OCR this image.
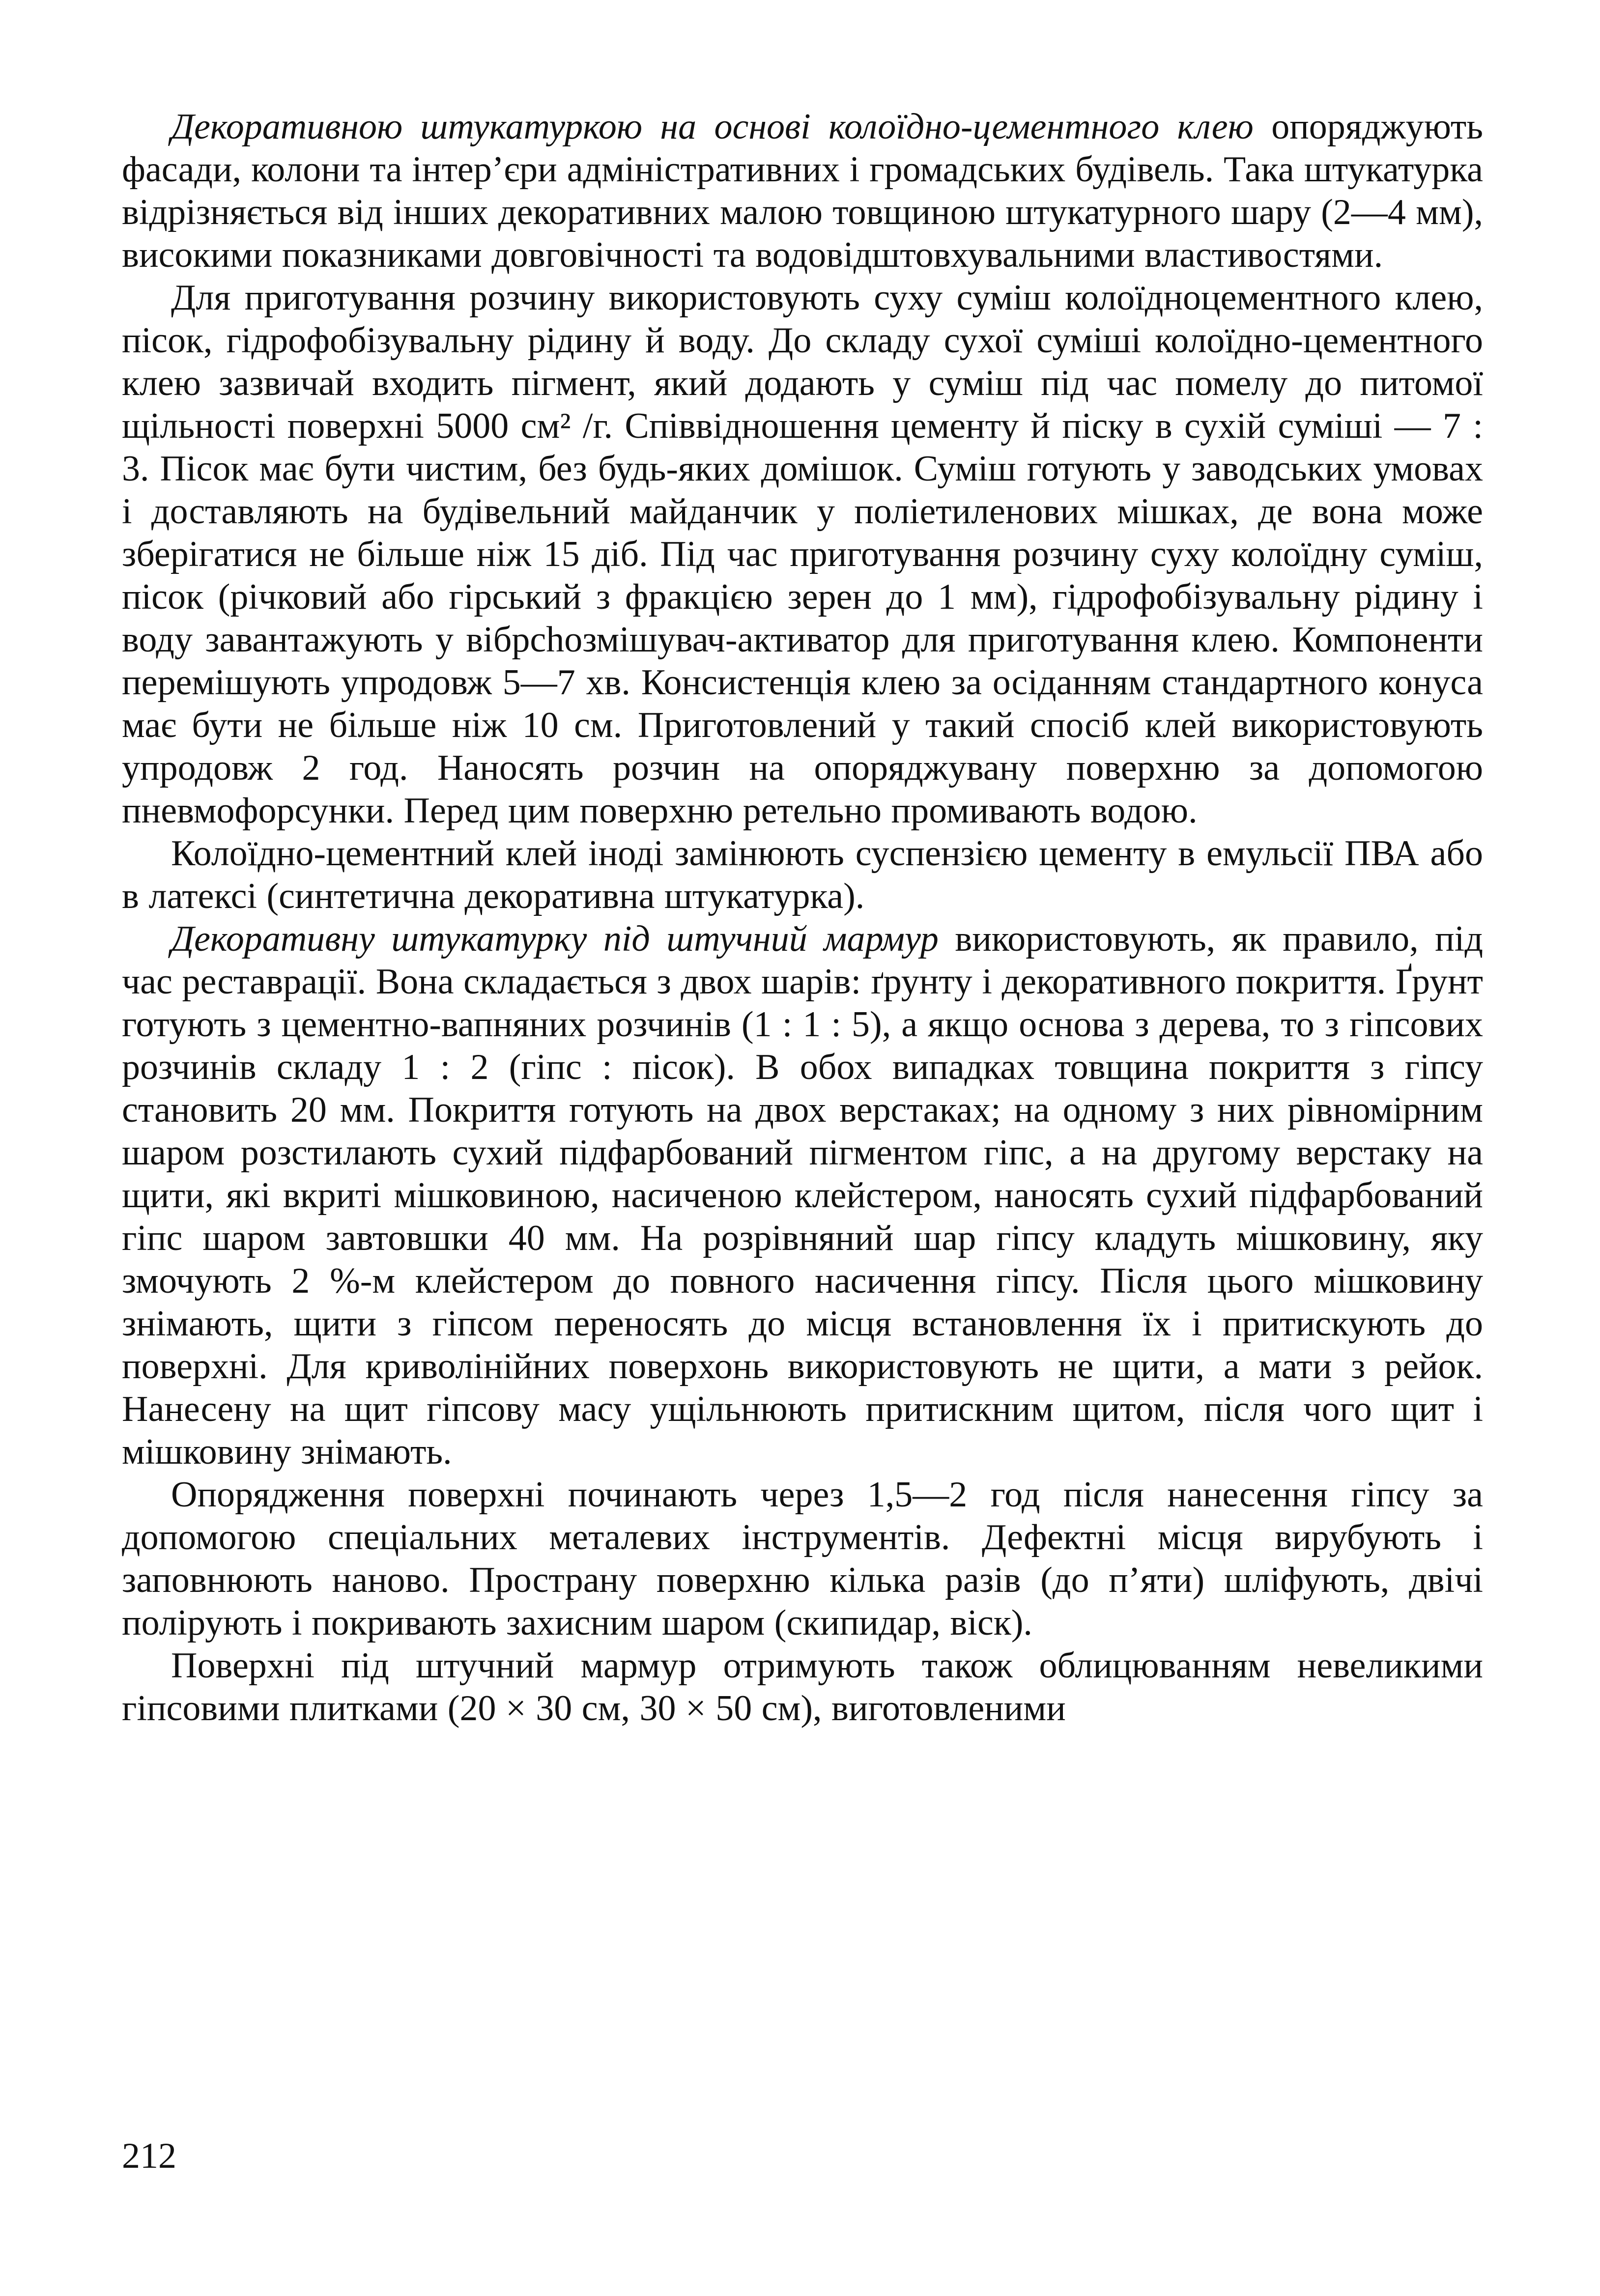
Декоративною штукатуркою на основі колоїдно-цементного клею опоряджують фасади, колони та інтер’єри адміністративних і громадських будівель. Така штукатурка відрізняється від інших декоративних малою товщиною штукатурного шару (2—4 мм), високими показниками довговічності та водовідштовхувальними властивостями.

Для приготування розчину використовують суху суміш колоїдноцементного клею, пісок, гідрофобізувальну рідину й воду. До складу сухої суміші колоїдно-цементного клею зазвичай входить пігмент, який додають у суміш під час помелу до питомої щільності поверхні 5000 см² /г. Співвідношення цементу й піску в сухій суміші — 7 : 3. Пісок має бути чистим, без будь-яких домішок. Суміш готують у заводських умовах і доставляють на будівельний майданчик у поліетиленових мішках, де вона може зберігатися не більше ніж 15 діб. Під час приготування розчину суху колоїдну суміш, пісок (річковий або гірський з фракцією зерен до 1 мм), гідрофобізувальну рідину і воду завантажують у вібрchoзмішувач-активатор для приготування клею. Компоненти перемішують упродовж 5—7 хв. Консистенція клею за осіданням стандартного конуса має бути не більше ніж 10 см. Приготовлений у такий спосіб клей використовують упродовж 2 год. Наносять розчин на опоряджувану поверхню за допомогою пневмофорсунки. Перед цим поверхню ретельно промивають водою.

Колоїдно-цементний клей іноді замінюють суспензією цементу в емульсії ПВА або в латексі (синтетична декоративна штукатурка).

Декоративну штукатурку під штучний мармур використовують, як правило, під час реставрації. Вона складається з двох шарів: ґрунту і декоративного покриття. Ґрунт готують з цементно-вапняних розчинів (1 : 1 : 5), а якщо основа з дерева, то з гіпсових розчинів складу 1 : 2 (гіпс : пісок). В обох випадках товщина покриття з гіпсу становить 20 мм. Покриття готують на двох верстаках; на одному з них рівномірним шаром розстилають сухий підфарбований пігментом гіпс, а на другому верстаку на щити, які вкриті мішковиною, насиченою клейстером, наносять сухий підфарбований гіпс шаром завтовшки 40 мм. На розрівняний шар гіпсу кладуть мішковину, яку змочують 2 %-м клейстером до повного насичення гіпсу. Після цього мішковину знімають, щити з гіпсом переносять до місця встановлення їх і притискують до поверхні. Для криволінійних поверхонь використовують не щити, а мати з рейок. Нанесену на щит гіпсову масу ущільнюють притискним щитом, після чого щит і мішковину знімають.

Опорядження поверхні починають через 1,5—2 год після нанесення гіпсу за допомогою спеціальних металевих інструментів. Дефектні місця вирубують і заповнюють наново. Пространу поверхню кілька разів (до п’яти) шліфують, двічі полірують і покривають захисним шаром (скипидар, віск).

Поверхні під штучний мармур отримують також облицюванням невеликими гіпсовими плитками (20 × 30 см, 30 × 50 см), виготовленими

212
